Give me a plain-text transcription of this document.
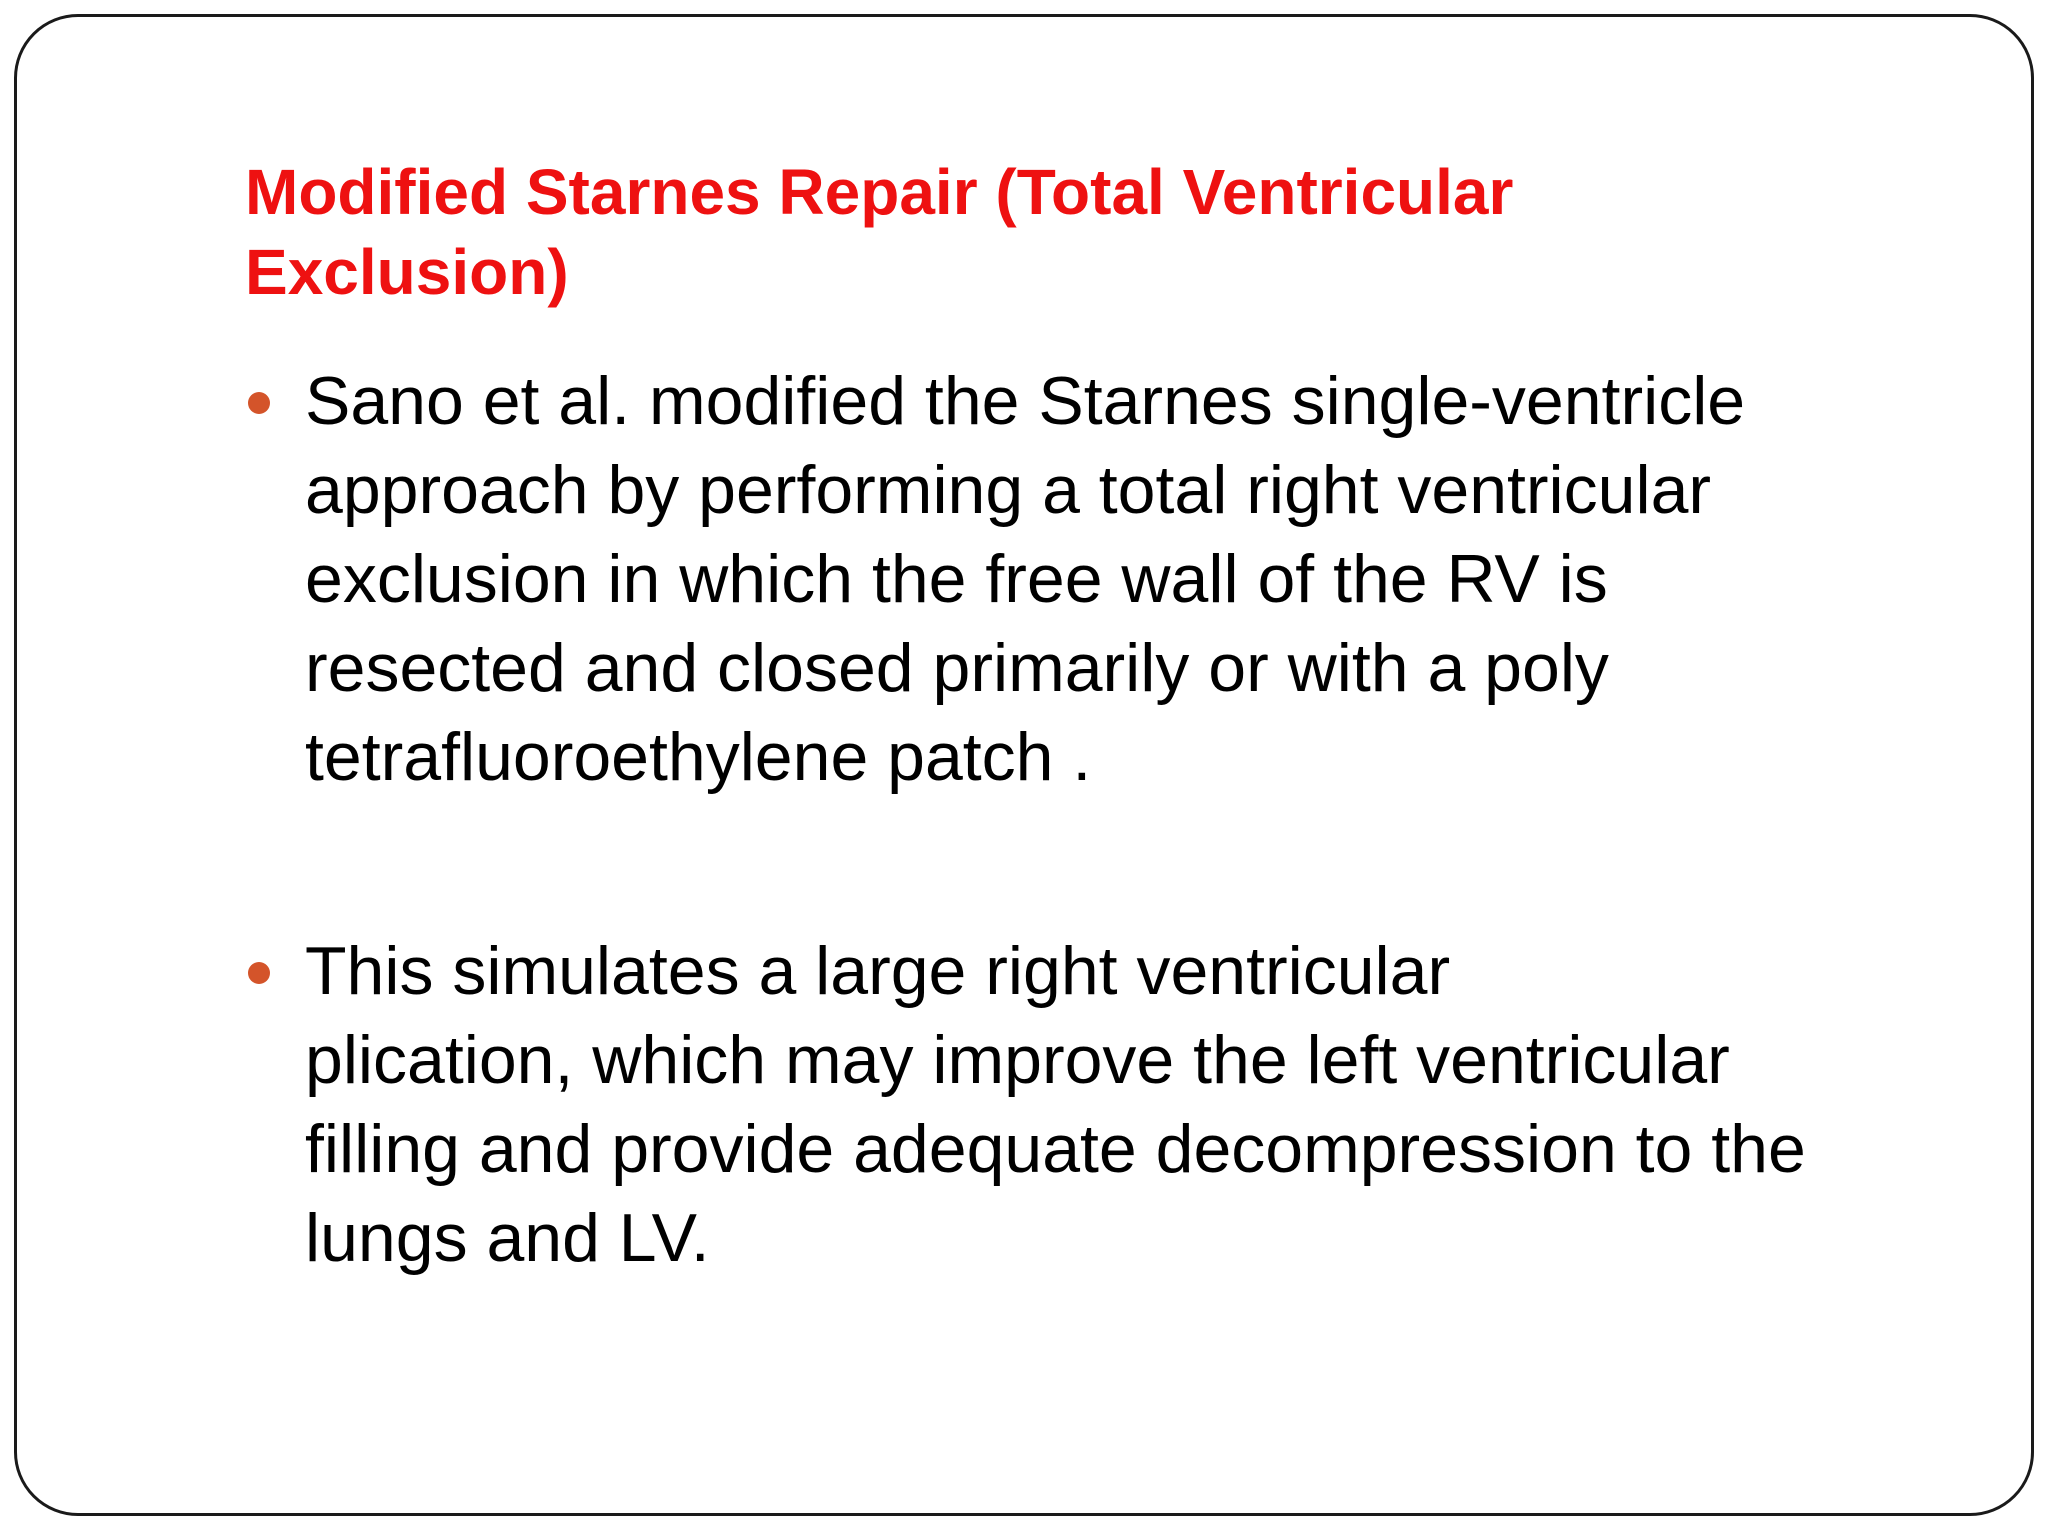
Modified Starnes Repair (Total Ventricular
Exclusion)
Sano et al. modified the Starnes single-ventricle
approach by performing a total right ventricular
exclusion in which the free wall of the RV is
resected and closed primarily or with a poly
tetrafluoroethylene patch .
This simulates a large right ventricular
plication, which may improve the left ventricular
filling and provide adequate decompression to the
lungs and LV.
